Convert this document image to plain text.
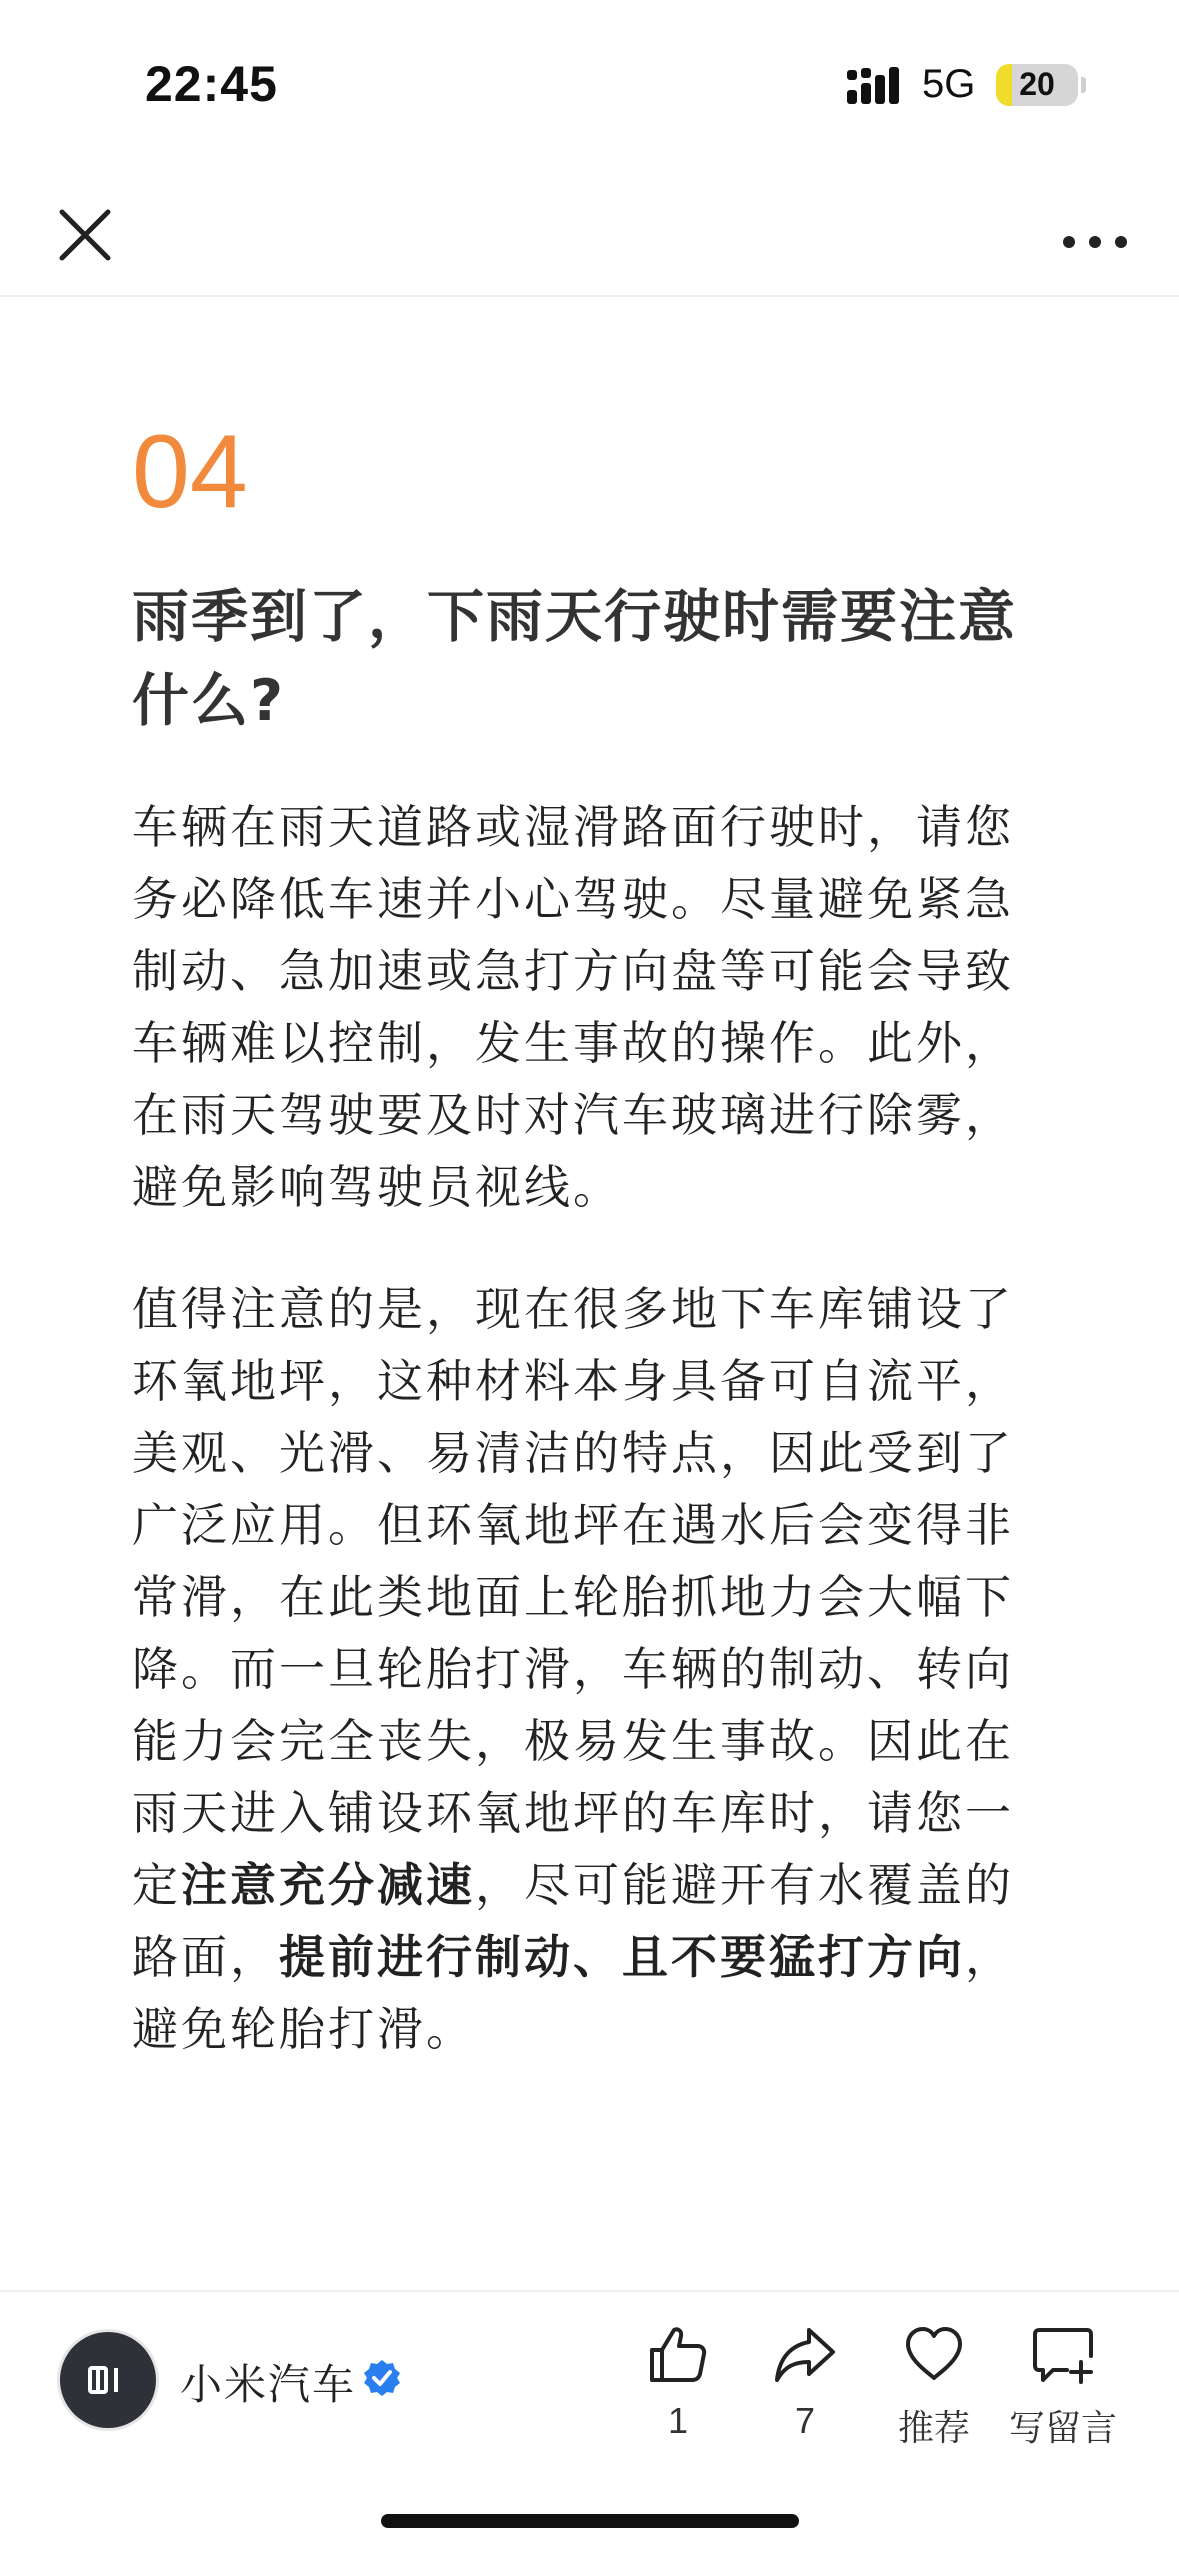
22:45	5G	20
04
雨季到了，下雨天行驶时需要注意
什么?
车辆在雨天道路或湿滑路面行驶时，请您
务必降低车速并小心驾驶。尽量避免紧急
制动、急加速或急打方向盘等可能会导致
车辆难以控制，发生事故的操作。此外，
在雨天驾驶要及时对汽车玻璃进行除雾，
避免影响驾驶员视线。
值得注意的是，现在很多地下车库铺设了
环氧地坪，这种材料本身具备可自流平，
美观、光滑、易清洁的特点，因此受到了
广泛应用。但环氧地坪在遇水后会变得非
常滑，在此类地面上轮胎抓地力会大幅下
降。而一旦轮胎打滑，车辆的制动、转向
能力会完全丧失，极易发生事故。因此在
雨天进入铺设环氧地坪的车库时，请您一
定注意充分减速，尽可能避开有水覆盖的
路面，提前进行制动、且不要猛打方向，
避免轮胎打滑。
小米汽车
1	7	推荐	写留言
